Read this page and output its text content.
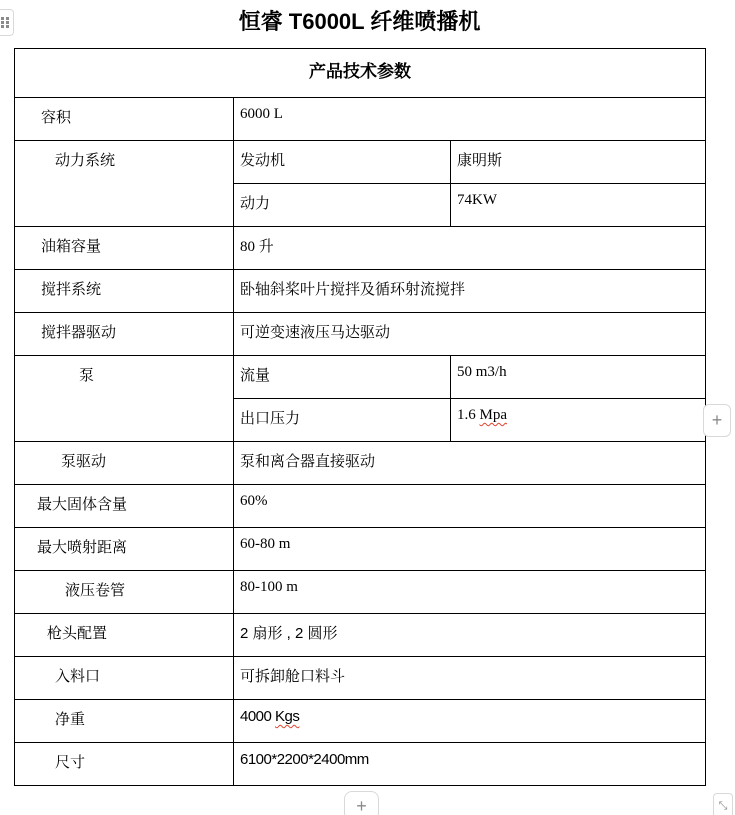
恒睿 T6000L 纤维喷播机
产品技术参数		
容积	6000 L	
动力系统	发动机	康明斯
	动力	74KW
油箱容量	80 升	
搅拌系统	卧轴斜桨叶片搅拌及循环射流搅拌	
搅拌器驱动	可逆变速液压马达驱动	
泵	流量	50 m3/h
	出口压力	1.6 Mpa
泵驱动	泵和离合器直接驱动	
最大固体含量	60%	
最大喷射距离	60-80 m	
液压卷管	80-100 m	
枪头配置	2 扇形 , 2 圆形	
入料口	可拆卸舱口料斗	
净重	4000 Kgs	
尺寸	6100*2200*2400mm	
+
+	⤡
